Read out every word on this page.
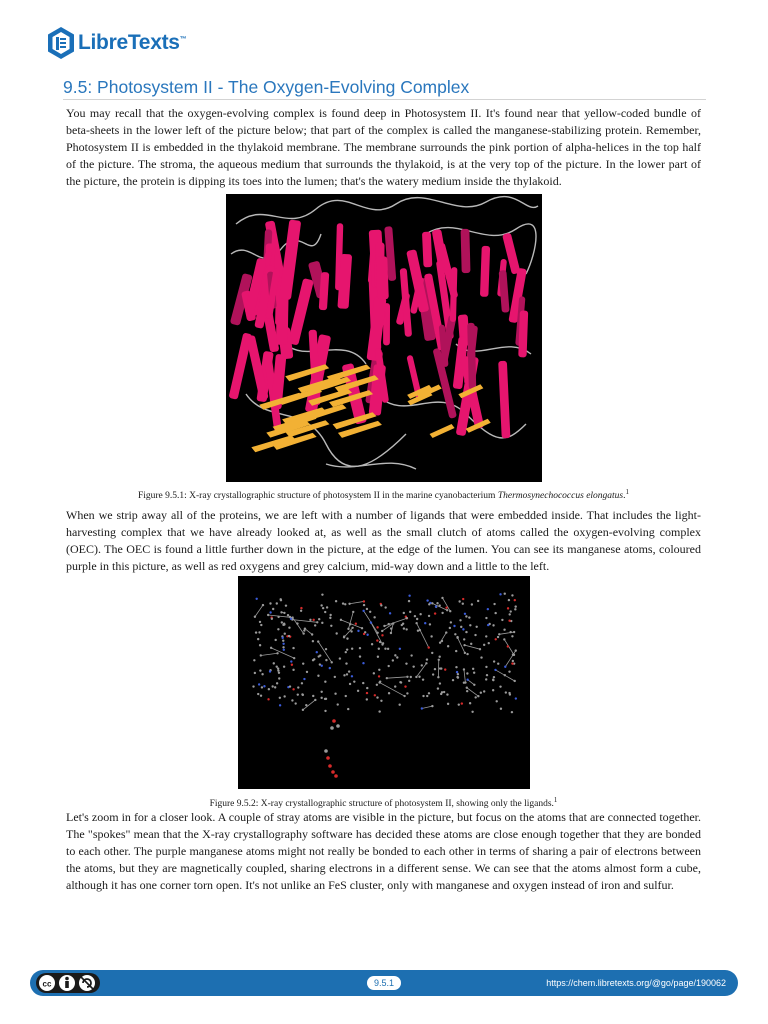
LibreTexts™
9.5: Photosystem II - The Oxygen-Evolving Complex

You may recall that the oxygen-evolving complex is found deep in Photosystem II. It's found near that yellow-coded bundle of beta-sheets in the lower left of the picture below; that part of the complex is called the manganese-stabilizing protein. Remember, Photosystem II is embedded in the thylakoid membrane. The membrane surrounds the pink portion of alpha-helices in the top half of the picture. The stroma, the aqueous medium that surrounds the thylakoid, is at the very top of the picture. In the lower part of the picture, the protein is dipping its toes into the lumen; that's the watery medium inside the thylakoid.

Figure 9.5.1: X-ray crystallographic structure of photosystem II in the marine cyanobacterium Thermosynechococcus elongatus.$^1$

When we strip away all of the proteins, we are left with a number of ligands that were embedded inside. That includes the light-harvesting complex that we have already looked at, as well as the small clutch of atoms called the oxygen-evolving complex (OEC). The OEC is found a little further down in the picture, at the edge of the lumen. You can see its manganese atoms, coloured purple in this picture, as well as red oxygens and grey calcium, mid-way down and a little to the left.

Figure 9.5.2: X-ray crystallographic structure of photosystem II, showing only the ligands.$^1$

Let's zoom in for a closer look. A couple of stray atoms are visible in the picture, but focus on the atoms that are connected together. The "spokes" mean that the X-ray crystallography software has decided these atoms are close enough together that they are bonded to each other. The purple manganese atoms might not really be bonded to each other in terms of sharing a pair of electrons between the atoms, but they are magnetically coupled, sharing electrons in a different sense. We can see that the atoms almost form a cube, although it has one corner torn open. It's not unlike an FeS cluster, only with manganese and oxygen instead of iron and sulfur.

cc	9.5.1	https://chem.libretexts.org/@go/page/190062
